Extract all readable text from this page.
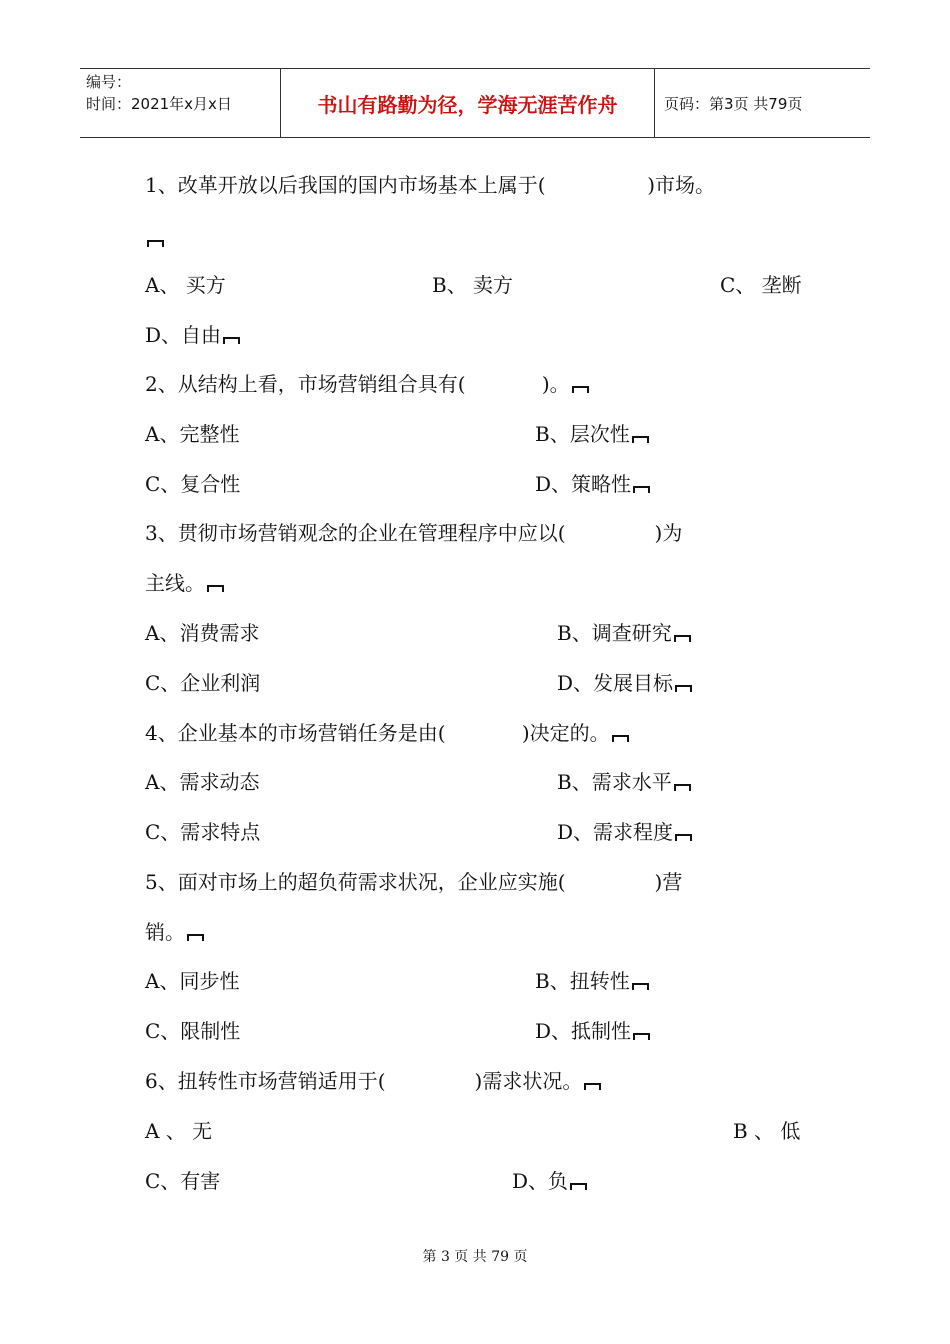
编号：
时间：2021年x月x日	书山有路勤为径，学海无涯苦作舟	页码：第3页 共79页
1、改革开放以后我国的国内市场基本上属于(                )市场。
A、 买方	B、 卖方	C、 垄断
D、自由
2、从结构上看，市场营销组合具有(            )。
A、完整性	B、层次性
C、复合性	D、策略性
3、贯彻市场营销观念的企业在管理程序中应以(              )为
主线。
A、消费需求	B、调查研究
C、企业利润	D、发展目标
4、企业基本的市场营销任务是由(            )决定的。
A、需求动态	B、需求水平
C、需求特点	D、需求程度
5、面对市场上的超负荷需求状况，企业应实施(              )营
销。
A、同步性	B、扭转性
C、限制性	D、抵制性
6、扭转性市场营销适用于(              )需求状况。
A 、 无	B 、 低
C、有害	D、负
第 3 页 共 79 页
